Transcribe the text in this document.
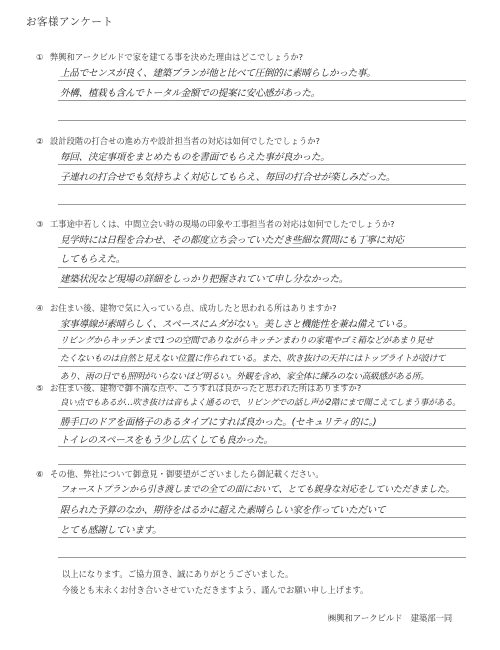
お客様アンケート
① 弊興和アークビルドで家を建てる事を決めた理由はどこでしょうか?
上品でセンスが良く、建築プランが他と比べて圧倒的に素晴らしかった事。
外構、植栽も含んでトータル金額での提案に安心感があった。
② 設計段階の打合せの進め方や設計担当者の対応は如何でしたでしょうか?
毎回、決定事項をまとめたものを書面でもらえた事が良かった。
子連れの打合せでも気持ちよく対応してもらえ、毎回の打合せが楽しみだった。
③ 工事途中若しくは、中間立会い時の現場の印象や工事担当者の対応は如何でしたでしょうか?
見学時には日程を合わせ、その都度立ち会っていただき些細な質問にも丁寧に対応
してもらえた。
建築状況など現場の詳細をしっかり把握されていて申し分なかった。
④ お住まい後、建物で気に入っている点、成功したと思われる所はありますか?
家事導線が素晴らしく、スペースにムダがない。美しさと機能性を兼ね備えている。
リビングからキッチンまで1つの空間でありながらキッチンまわりの家電やゴミ箱などがあまり見せ
たくないものは自然と見えない位置に作られている。また、吹き抜けの天井にはトップライトが設けて
あり、雨の日でも照明がいらないほど明るい。外観を含め、家全体に練みのない高級感がある所。
⑤ お住まい後、建物で御不満な点や、こうすれば良かったと思われた所はありますか?
良い点でもあるが…吹き抜けは音もよく通るので、リビングでの話し声が2階にまで聞こえてしまう事がある。
勝手口のドアを面格子のあるタイプにすれば良かった。(セキュリティ的に。)
トイレのスペースをもう少し広くしても良かった。
⑥ その他、弊社について御意見・御要望がございましたら御記載ください。
フォーストプランから引き渡しまでの全ての面において、とても親身な対応をしていただきました。
限られた予算のなか、期待をはるかに超えた素晴らしい家を作っていただいて
とても感謝しています。
以上になります。ご協力頂き、誠にありがとうございました。
今後とも末永くお付き合いさせていただきますよう、謹んでお願い申し上げます。
㈱興和アークビルド　建築部一同
